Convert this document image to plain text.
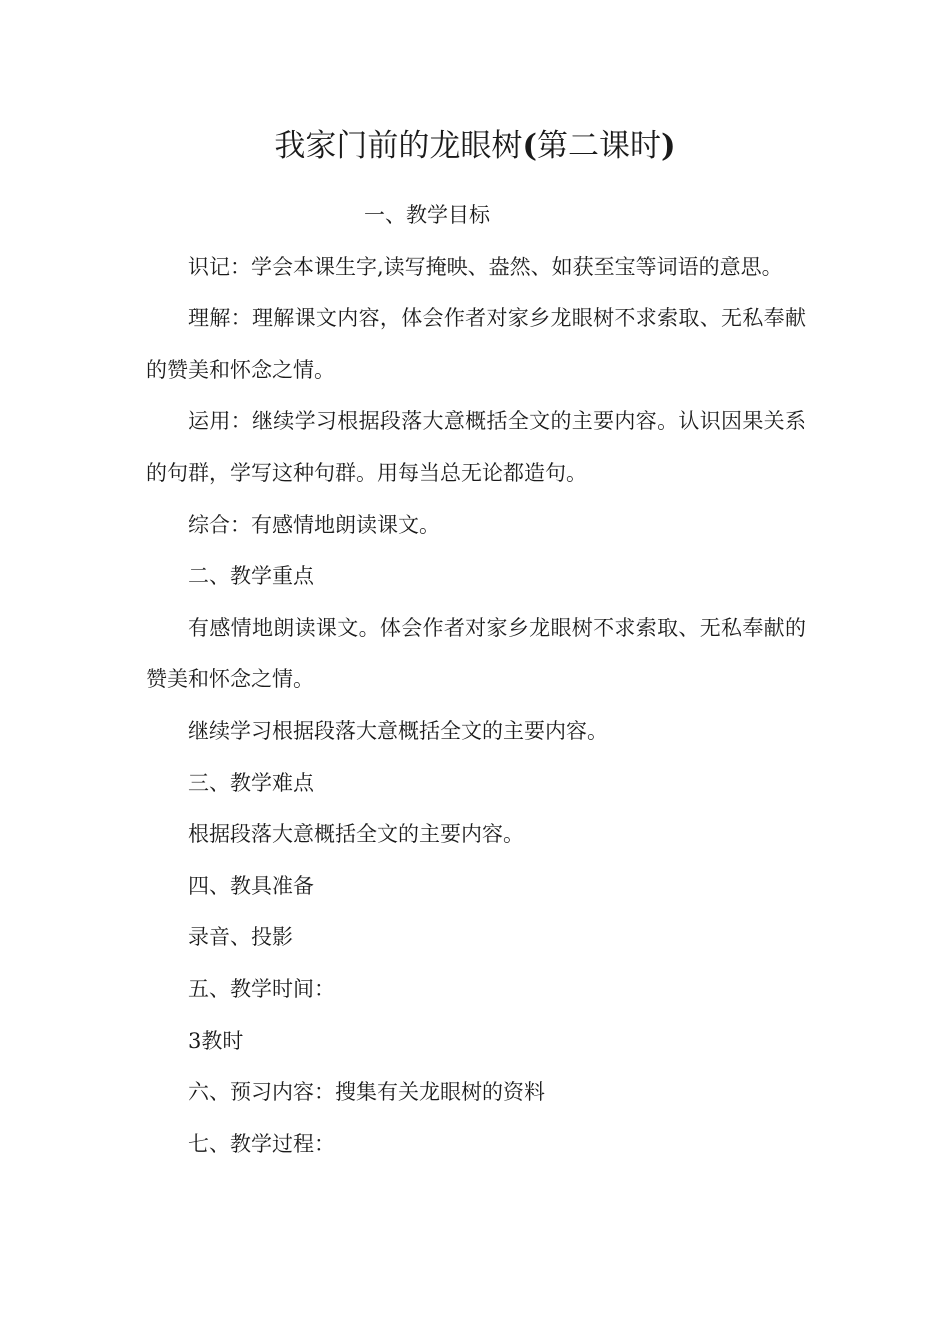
我家门前的龙眼树(第二课时)

一、教学目标

识记：学会本课生字,读写掩映、盎然、如获至宝等词语的意思。

理解：理解课文内容，体会作者对家乡龙眼树不求索取、无私奉献的赞美和怀念之情。

运用：继续学习根据段落大意概括全文的主要内容。认识因果关系的句群，学写这种句群。用每当总无论都造句。

综合：有感情地朗读课文。

二、教学重点

有感情地朗读课文。体会作者对家乡龙眼树不求索取、无私奉献的赞美和怀念之情。

继续学习根据段落大意概括全文的主要内容。

三、教学难点

根据段落大意概括全文的主要内容。

四、教具准备

录音、投影

五、教学时间：

3教时

六、预习内容：搜集有关龙眼树的资料

七、教学过程：
